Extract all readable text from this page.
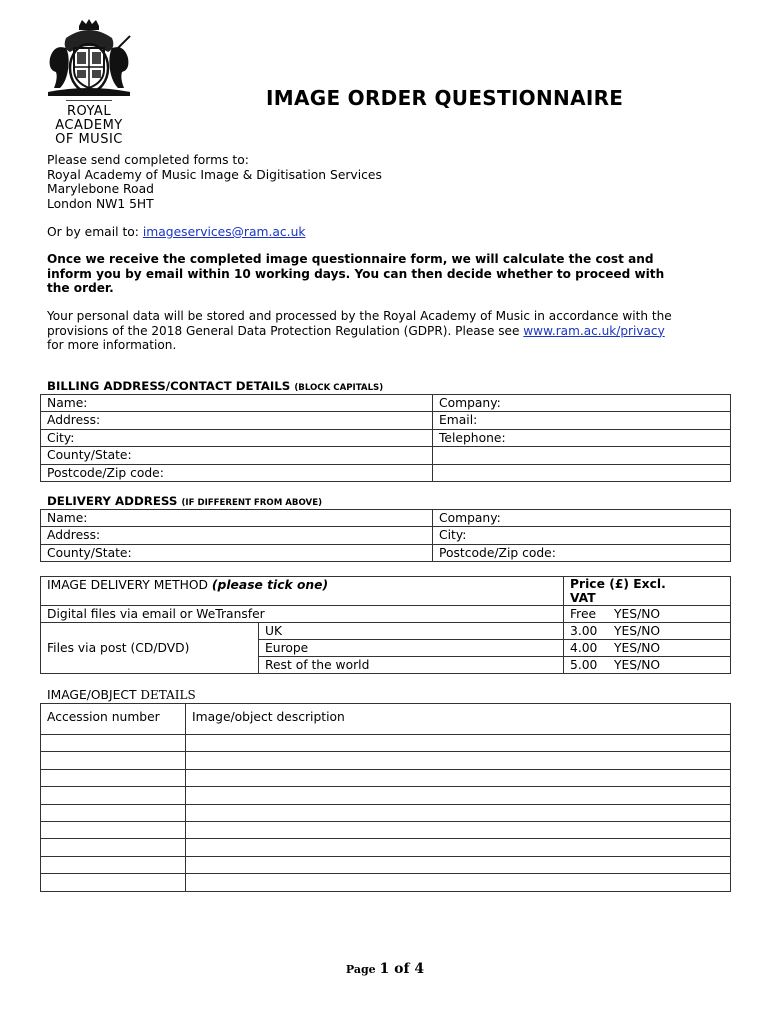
ROYAL
ACADEMY
OF MUSIC
IMAGE ORDER QUESTIONNAIRE
Please send completed forms to:
Royal Academy of Music Image & Digitisation Services
Marylebone Road
London NW1 5HT
Or by email to: imageservices@ram.ac.uk
Once we receive the completed image questionnaire form, we will calculate the cost and
inform you by email within 10 working days. You can then decide whether to proceed with
the order.
Your personal data will be stored and processed by the Royal Academy of Music in accordance with the
provisions of the 2018 General Data Protection Regulation (GDPR). Please see www.ram.ac.uk/privacy
for more information.
BILLING ADDRESS/CONTACT DETAILS (BLOCK CAPITALS)
Name:	Company:
Address:	Email:
City:	Telephone:
County/State:	
Postcode/Zip code:	
DELIVERY ADDRESS (IF DIFFERENT FROM ABOVE)
Name:	Company:
Address:	City:
County/State:	Postcode/Zip code:
IMAGE DELIVERY METHOD (please tick one)		Price (£) Excl.
VAT

Digital files via email or WeTransfer		Free YES/NO
Files via post (CD/DVD)	UK	3.00 YES/NO
	Europe	4.00 YES/NO
	Rest of the world	5.00 YES/NO
IMAGE/OBJECT DETAILS
Accession number	Image/object description

Page 1 of 4
